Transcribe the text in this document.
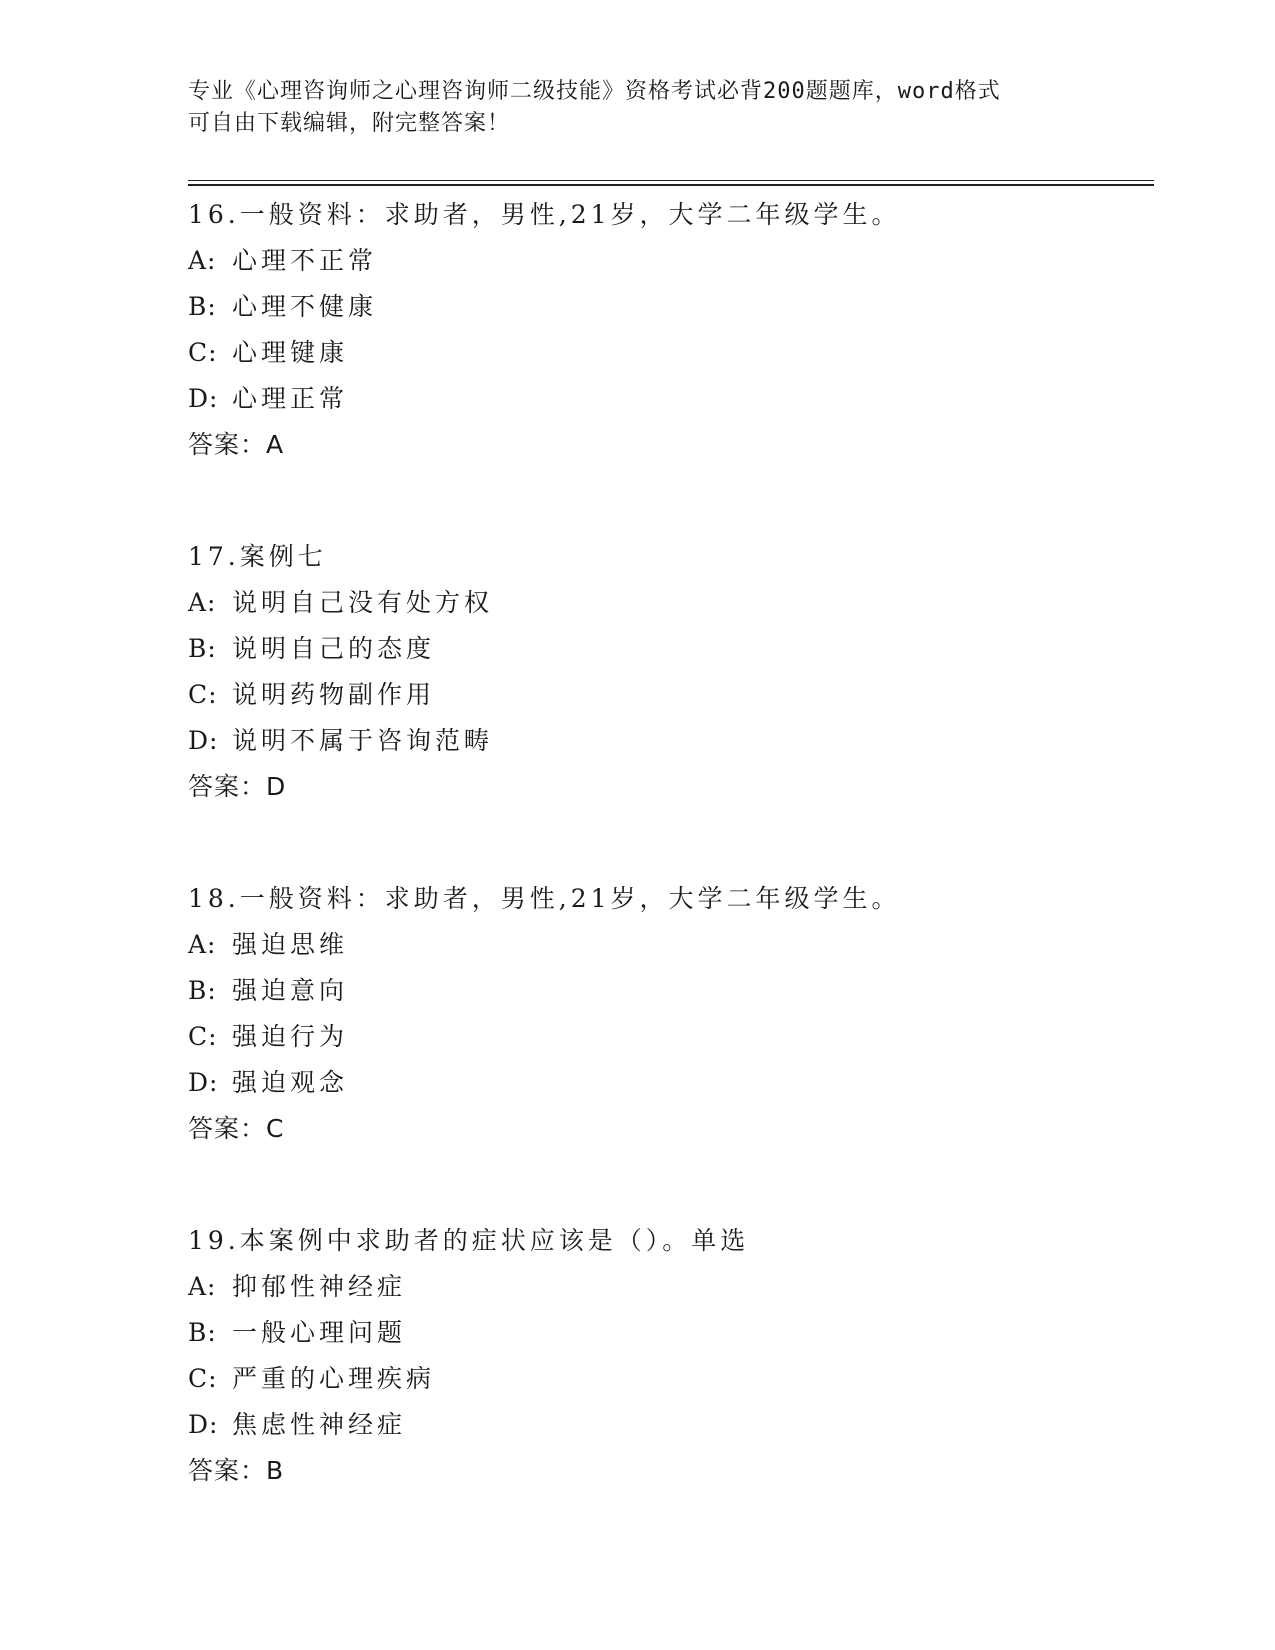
专业《心理咨询师之心理咨询师二级技能》资格考试必背200题题库，word格式
可自由下载编辑，附完整答案！
16.一般资料：求助者，男性,21岁，大学二年级学生。
A: 心理不正常
B: 心理不健康
C: 心理键康
D: 心理正常
答案：A
17.案例七
A: 说明自己没有处方权
B: 说明自己的态度
C: 说明药物副作用
D: 说明不属于咨询范畴
答案：D
18.一般资料：求助者，男性,21岁，大学二年级学生。
A: 强迫思维
B: 强迫意向
C: 强迫行为
D: 强迫观念
答案：C
19.本案例中求助者的症状应该是（）。单选
A: 抑郁性神经症
B: 一般心理问题
C: 严重的心理疾病
D: 焦虑性神经症
答案：B
